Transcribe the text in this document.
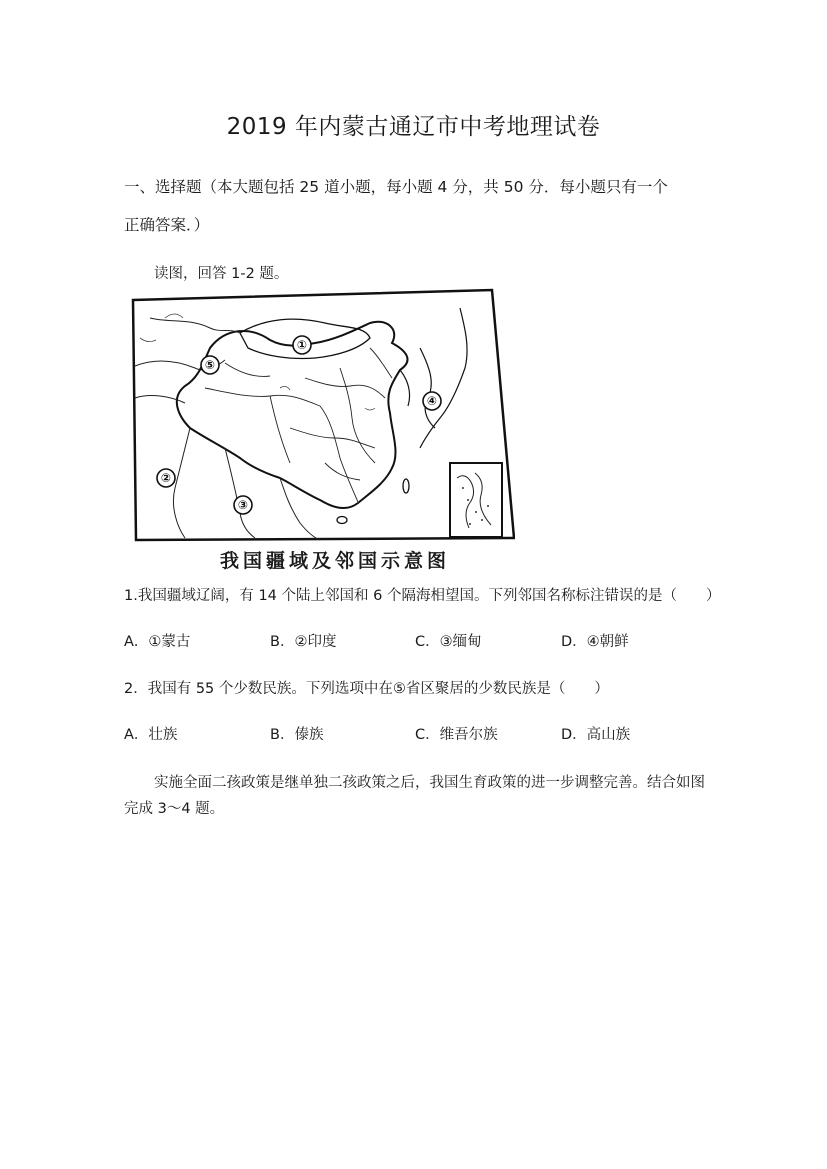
2019 年内蒙古通辽市中考地理试卷
一、选择题（本大题包括 25 道小题，每小题 4 分，共 50 分．每小题只有一个
正确答案．）
读图，回答 1-2 题。
①
⑤
④
②
③
我国疆域及邻国示意图
1.我国疆域辽阔，有 14 个陆上邻国和 6 个隔海相望国。下列邻国名称标注错误的是（　　）
A．①蒙古	B．②印度	C．③缅甸	D．④朝鲜
2．我国有 55 个少数民族。下列选项中在⑤省区聚居的少数民族是（　　）
A．壮族	B．傣族	C．维吾尔族	D．高山族
实施全面二孩政策是继单独二孩政策之后，我国生育政策的进一步调整完善。结合如图
完成 3～4 题。
